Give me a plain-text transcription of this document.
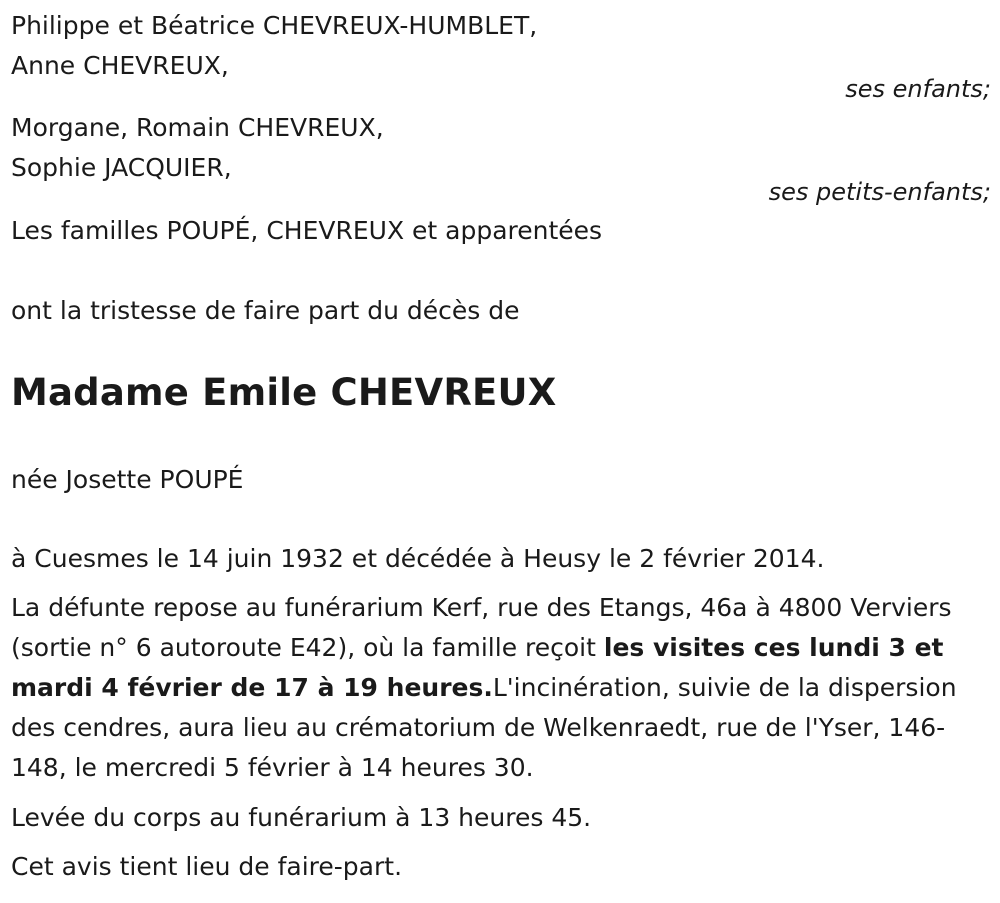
Philippe et Béatrice CHEVREUX-HUMBLET,
Anne CHEVREUX,
ses enfants;
Morgane, Romain CHEVREUX,
Sophie JACQUIER,
ses petits-enfants;
Les familles POUPÉ, CHEVREUX et apparentées
ont la tristesse de faire part du décès de
Madame Emile CHEVREUX
née Josette POUPÉ
à Cuesmes le 14 juin 1932 et décédée à Heusy le 2 février 2014.
La défunte repose au funérarium Kerf, rue des Etangs, 46a à 4800 Verviers (sortie n° 6 autoroute E42), où la famille reçoit les visites ces lundi 3 et mardi 4 février de 17 à 19 heures.L'incinération, suivie de la dispersion des cendres, aura lieu au crématorium de Welkenraedt, rue de l'Yser, 146-148, le mercredi 5 février à 14 heures 30.
Levée du corps au funérarium à 13 heures 45.
Cet avis tient lieu de faire-part.
